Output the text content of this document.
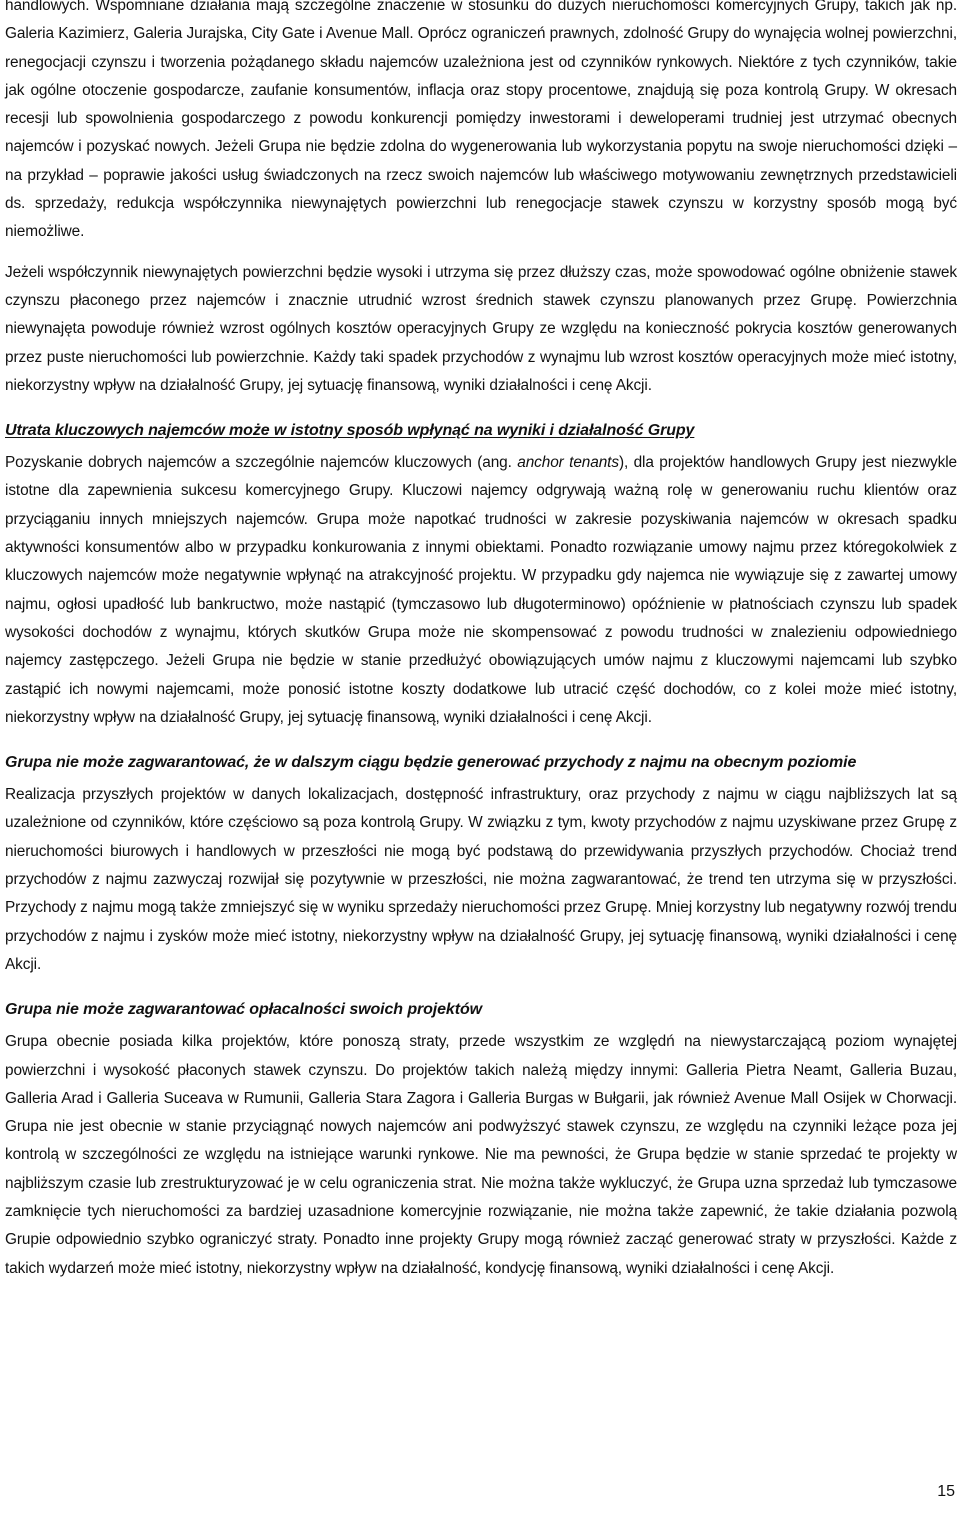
handlowych. Wspomniane działania mają szczególne znaczenie w stosunku do dużych nieruchomości komercyjnych Grupy, takich jak np. Galeria Kazimierz, Galeria Jurajska, City Gate i Avenue Mall. Oprócz ograniczeń prawnych, zdolność Grupy do wynajęcia wolnej powierzchni, renegocjacji czynszu i tworzenia pożądanego składu najemców uzależniona jest od czynników rynkowych. Niektóre z tych czynników, takie jak ogólne otoczenie gospodarcze, zaufanie konsumentów, inflacja oraz stopy procentowe, znajdują się poza kontrolą Grupy. W okresach recesji lub spowolnienia gospodarczego z powodu konkurencji pomiędzy inwestorami i deweloperami trudniej jest utrzymać obecnych najemców i pozyskać nowych. Jeżeli Grupa nie będzie zdolna do wygenerowania lub wykorzystania popytu na swoje nieruchomości dzięki – na przykład – poprawie jakości usług świadczonych na rzecz swoich najemców lub właściwego motywowaniu zewnętrznych przedstawicieli ds. sprzedaży, redukcja współczynnika niewynajętych powierzchni lub renegocjacje stawek czynszu w korzystny sposób mogą być niemożliwe.

Jeżeli współczynnik niewynajętych powierzchni będzie wysoki i utrzyma się przez dłuższy czas, może spowodować ogólne obniżenie stawek czynszu płaconego przez najemców i znacznie utrudnić wzrost średnich stawek czynszu planowanych przez Grupę. Powierzchnia niewynajęta powoduje również wzrost ogólnych kosztów operacyjnych Grupy ze względu na konieczność pokrycia kosztów generowanych przez puste nieruchomości lub powierzchnie. Każdy taki spadek przychodów z wynajmu lub wzrost kosztów operacyjnych może mieć istotny, niekorzystny wpływ na działalność Grupy, jej sytuację finansową, wyniki działalności i cenę Akcji.

Utrata kluczowych najemców może w istotny sposób wpłynąć na wyniki i działalność Grupy

Pozyskanie dobrych najemców a szczególnie najemców kluczowych (ang. anchor tenants), dla projektów handlowych Grupy jest niezwykle istotne dla zapewnienia sukcesu komercyjnego Grupy. Kluczowi najemcy odgrywają ważną rolę w generowaniu ruchu klientów oraz przyciąganiu innych mniejszych najemców. Grupa może napotkać trudności w zakresie pozyskiwania najemców w okresach spadku aktywności konsumentów albo w przypadku konkurowania z innymi obiektami. Ponadto rozwiązanie umowy najmu przez któregokolwiek z kluczowych najemców może negatywnie wpłynąć na atrakcyjność projektu. W przypadku gdy najemca nie wywiązuje się z zawartej umowy najmu, ogłosi upadłość lub bankructwo, może nastąpić (tymczasowo lub długoterminowo) opóźnienie w płatnościach czynszu lub spadek wysokości dochodów z wynajmu, których skutków Grupa może nie skompensować z powodu trudności w znalezieniu odpowiedniego najemcy zastępczego. Jeżeli Grupa nie będzie w stanie przedłużyć obowiązujących umów najmu z kluczowymi najemcami lub szybko zastąpić ich nowymi najemcami, może ponosić istotne koszty dodatkowe lub utracić część dochodów, co z kolei może mieć istotny, niekorzystny wpływ na działalność Grupy, jej sytuację finansową, wyniki działalności i cenę Akcji.

Grupa nie może zagwarantować, że w dalszym ciągu będzie generować przychody z najmu na obecnym poziomie

Realizacja przyszłych projektów w danych lokalizacjach, dostępność infrastruktury, oraz przychody z najmu w ciągu najbliższych lat są uzależnione od czynników, które częściowo są poza kontrolą Grupy. W związku z tym, kwoty przychodów z najmu uzyskiwane przez Grupę z nieruchomości biurowych i handlowych w przeszłości nie mogą być podstawą do przewidywania przyszłych przychodów. Chociaż trend przychodów z najmu zazwyczaj rozwijał się pozytywnie w przeszłości, nie można zagwarantować, że trend ten utrzyma się w przyszłości. Przychody z najmu mogą także zmniejszyć się w wyniku sprzedaży nieruchomości przez Grupę. Mniej korzystny lub negatywny rozwój trendu przychodów z najmu i zysków może mieć istotny, niekorzystny wpływ na działalność Grupy, jej sytuację finansową, wyniki działalności i cenę Akcji.

Grupa nie może zagwarantować opłacalności swoich projektów

Grupa obecnie posiada kilka projektów, które ponoszą straty, przede wszystkim ze względń na niewystarczającą poziom wynajętej powierzchni i wysokość płaconych stawek czynszu. Do projektów takich należą między innymi: Galleria Pietra Neamt, Galleria Buzau, Galleria Arad i Galleria Suceava w Rumunii, Galleria Stara Zagora i Galleria Burgas w Bułgarii, jak również Avenue Mall Osijek w Chorwacji. Grupa nie jest obecnie w stanie przyciągnąć nowych najemców ani podwyższyć stawek czynszu, ze względu na czynniki leżące poza jej kontrolą w szczególności ze względu na istniejące warunki rynkowe. Nie ma pewności, że Grupa będzie w stanie sprzedać te projekty w najbliższym czasie lub zrestrukturyzować je w celu ograniczenia strat. Nie można także wykluczyć, że Grupa uzna sprzedaż lub tymczasowe zamknięcie tych nieruchomości za bardziej uzasadnione komercyjnie rozwiązanie, nie można także zapewnić, że takie działania pozwolą Grupie odpowiednio szybko ograniczyć straty. Ponadto inne projekty Grupy mogą również zacząć generować straty w przyszłości. Każde z takich wydarzeń może mieć istotny, niekorzystny wpływ na działalność, kondycję finansową, wyniki działalności i cenę Akcji.

15
